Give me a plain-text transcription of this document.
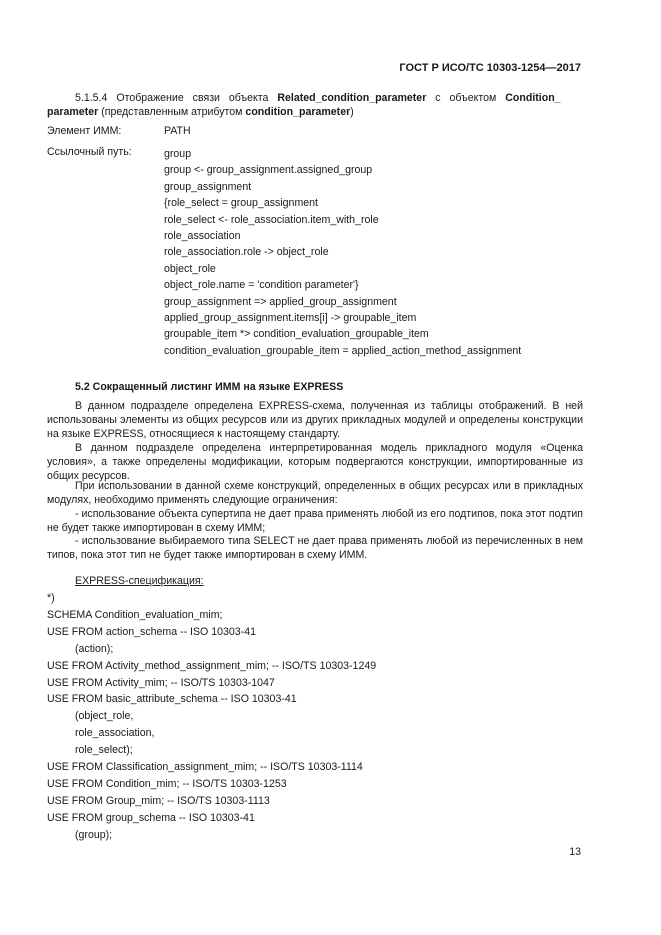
ГОСТ Р ИСО/ТС 10303-1254—2017
5.1.5.4 Отображение связи объекта Related_condition_parameter с объектом Condition_
parameter (представленным атрибутом condition_parameter)
Элемент ИММ:	PATH
Ссылочный путь:	group
group <- group_assignment.assigned_group
group_assignment
{role_select = group_assignment
role_select <- role_association.item_with_role
role_association
role_association.role -> object_role
object_role
object_role.name = 'condition parameter'}
group_assignment => applied_group_assignment
applied_group_assignment.items[i] -> groupable_item
groupable_item *> condition_evaluation_groupable_item
condition_evaluation_groupable_item = applied_action_method_assignment
5.2 Сокращенный листинг ИММ на языке EXPRESS
В данном подразделе определена EXPRESS-схема, полученная из таблицы отображений. В ней использованы элементы из общих ресурсов или из других прикладных модулей и определены конструкции на языке EXPRESS, относящиеся к настоящему стандарту.
В данном подразделе определена интерпретированная модель прикладного модуля «Оценка условия», а также определены модификации, которым подвергаются конструкции, импортированные из общих ресурсов.
При использовании в данной схеме конструкций, определенных в общих ресурсах или в прикладных модулях, необходимо применять следующие ограничения:
- использование объекта супертипа не дает права применять любой из его подтипов, пока этот подтип не будет также импортирован в схему ИММ;
- использование выбираемого типа SELECT не дает права применять любой из перечисленных в нем типов, пока этот тип не будет также импортирован в схему ИММ.
EXPRESS-спецификация:
*)
SCHEMA Condition_evaluation_mim;
USE FROM action_schema -- ISO 10303-41
(action);
USE FROM Activity_method_assignment_mim; -- ISO/TS 10303-1249
USE FROM Activity_mim; -- ISO/TS 10303-1047
USE FROM basic_attribute_schema -- ISO 10303-41
(object_role,
role_association,
role_select);
USE FROM Classification_assignment_mim; -- ISO/TS 10303-1114
USE FROM Condition_mim; -- ISO/TS 10303-1253
USE FROM Group_mim; -- ISO/TS 10303-1113
USE FROM group_schema -- ISO 10303-41
(group);
13
